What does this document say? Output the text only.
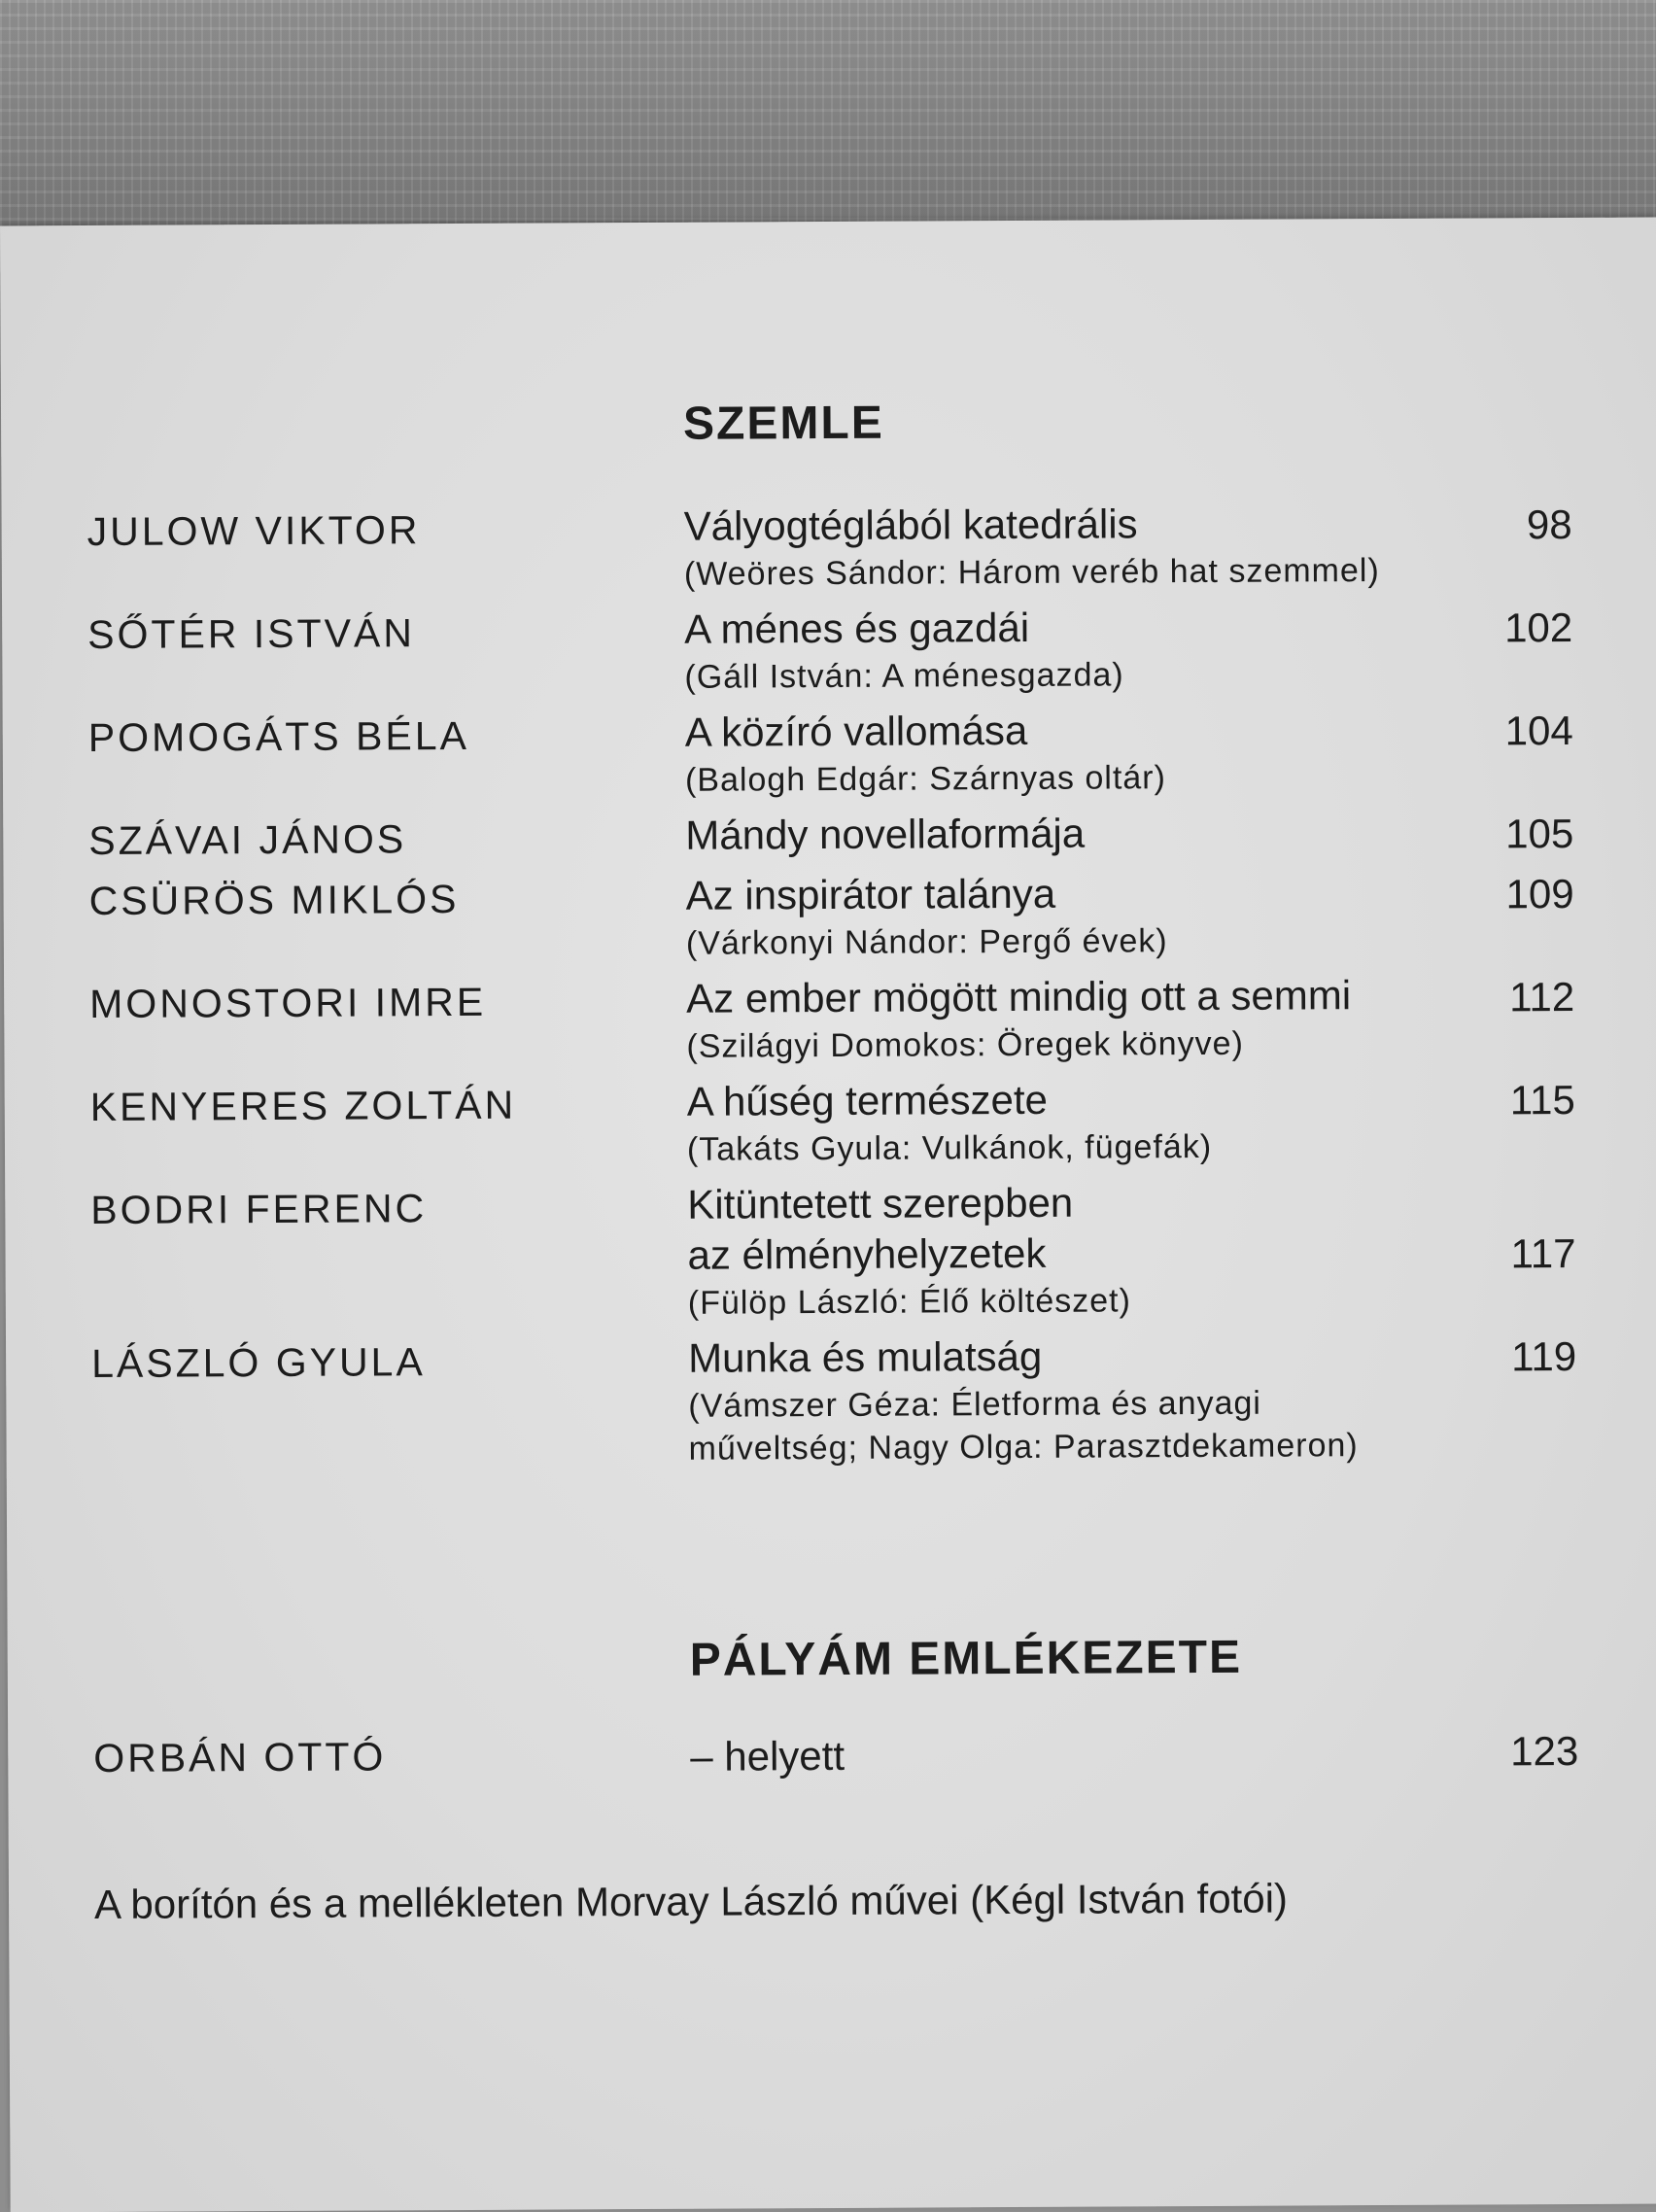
SZEMLE
JULOW VIKTOR	Vályogtéglából katedrális
(Weöres Sándor: Három veréb hat szemmel)
98
SŐTÉR ISTVÁN	A ménes és gazdái
(Gáll István: A ménesgazda)
102
POMOGÁTS BÉLA	A közíró vallomása
(Balogh Edgár: Szárnyas oltár)
104
SZÁVAI JÁNOS	Mándy novellaformája	105
CSÜRÖS MIKLÓS	Az inspirátor talánya
(Várkonyi Nándor: Pergő évek)
109
MONOSTORI IMRE	Az ember mögött mindig ott a semmi
(Szilágyi Domokos: Öregek könyve)
112
KENYERES ZOLTÁN	A hűség természete
(Takáts Gyula: Vulkánok, fügefák)
115
BODRI FERENC	Kitüntetett szerepben
az élményhelyzetek
(Fülöp László: Élő költészet)
117
LÁSZLÓ GYULA	Munka és mulatság
(Vámszer Géza: Életforma és anyagi
műveltség; Nagy Olga: Parasztdekameron)
119
PÁLYÁM EMLÉKEZETE
ORBÁN OTTÓ	– helyett	123
A borítón és a mellékleten Morvay László művei (Kégl István fotói)
